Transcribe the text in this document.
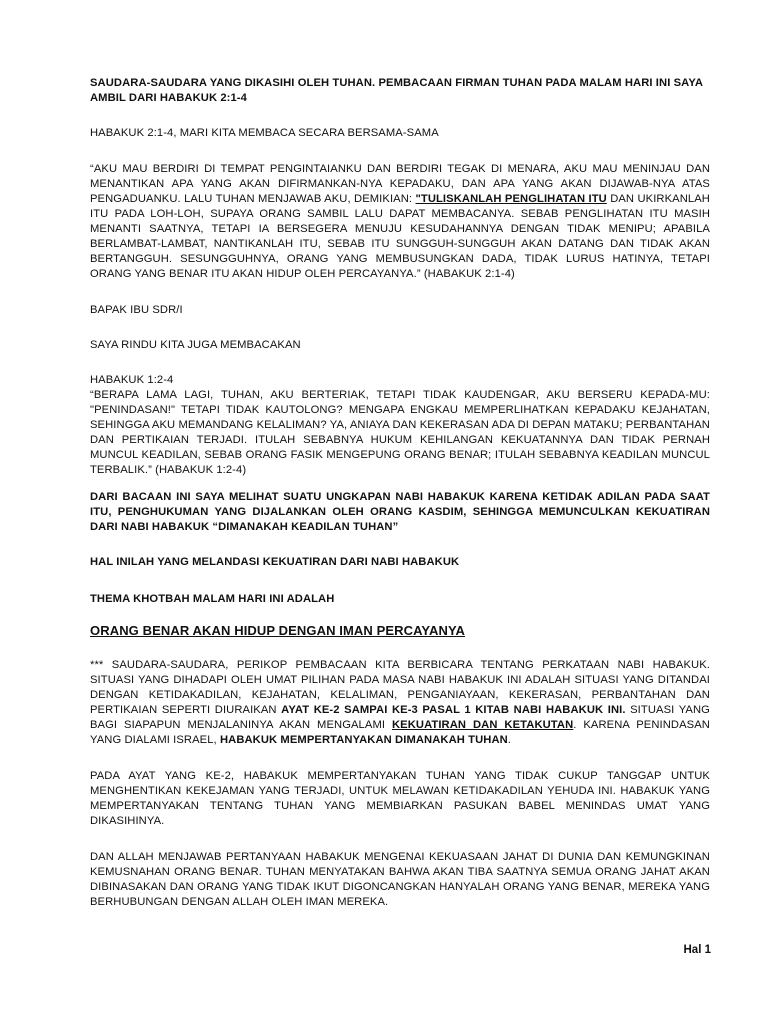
SAUDARA-SAUDARA YANG DIKASIHI OLEH TUHAN. PEMBACAAN FIRMAN TUHAN PADA MALAM HARI INI SAYA AMBIL DARI HABAKUK 2:1-4

HABAKUK 2:1-4, MARI KITA MEMBACA SECARA BERSAMA-SAMA

“AKU MAU BERDIRI DI TEMPAT PENGINTAIANKU DAN BERDIRI TEGAK DI MENARA, AKU MAU MENINJAU DAN MENANTIKAN APA YANG AKAN DIFIRMANKAN-NYA KEPADAKU, DAN APA YANG AKAN DIJAWAB-NYA ATAS PENGADUANKU. LALU TUHAN MENJAWAB AKU, DEMIKIAN: "TULISKANLAH PENGLIHATAN ITU DAN UKIRKANLAH ITU PADA LOH-LOH, SUPAYA ORANG SAMBIL LALU DAPAT MEMBACANYA. SEBAB PENGLIHATAN ITU MASIH MENANTI SAATNYA, TETAPI IA BERSEGERA MENUJU KESUDAHANNYA DENGAN TIDAK MENIPU; APABILA BERLAMBAT-LAMBAT, NANTIKANLAH ITU, SEBAB ITU SUNGGUH-SUNGGUH AKAN DATANG DAN TIDAK AKAN BERTANGGUH. SESUNGGUHNYA, ORANG YANG MEMBUSUNGKAN DADA, TIDAK LURUS HATINYA, TETAPI ORANG YANG BENAR ITU AKAN HIDUP OLEH PERCAYANYA.” (HABAKUK 2:1-4)

BAPAK IBU SDR/I

SAYA RINDU KITA JUGA MEMBACAKAN

HABAKUK 1:2-4

“BERAPA LAMA LAGI, TUHAN, AKU BERTERIAK, TETAPI TIDAK KAUDENGAR, AKU BERSERU KEPADA-MU: "PENINDASAN!" TETAPI TIDAK KAUTOLONG? MENGAPA ENGKAU MEMPERLIHATKAN KEPADAKU KEJAHATAN, SEHINGGA AKU MEMANDANG KELALIMAN? YA, ANIAYA DAN KEKERASAN ADA DI DEPAN MATAKU; PERBANTAHAN DAN PERTIKAIAN TERJADI. ITULAH SEBABNYA HUKUM KEHILANGAN KEKUATANNYA DAN TIDAK PERNAH MUNCUL KEADILAN, SEBAB ORANG FASIK MENGEPUNG ORANG BENAR; ITULAH SEBABNYA KEADILAN MUNCUL TERBALIK.” (HABAKUK 1:2-4)

DARI BACAAN INI SAYA MELIHAT SUATU UNGKAPAN NABI HABAKUK KARENA KETIDAK ADILAN PADA SAAT ITU, PENGHUKUMAN YANG DIJALANKAN OLEH ORANG KASDIM, SEHINGGA MEMUNCULKAN KEKUATIRAN DARI NABI HABAKUK “DIMANAKAH KEADILAN TUHAN”

HAL INILAH YANG MELANDASI KEKUATIRAN DARI NABI HABAKUK

THEMA KHOTBAH MALAM HARI INI ADALAH

ORANG BENAR AKAN HIDUP DENGAN IMAN PERCAYANYA

*** SAUDARA-SAUDARA, PERIKOP PEMBACAAN KITA BERBICARA TENTANG PERKATAAN NABI HABAKUK. SITUASI YANG DIHADAPI OLEH UMAT PILIHAN PADA MASA NABI HABAKUK INI ADALAH SITUASI YANG DITANDAI DENGAN KETIDAKADILAN, KEJAHATAN, KELALIMAN, PENGANIAYAAN, KEKERASAN, PERBANTAHAN DAN PERTIKAIAN SEPERTI DIURAIKAN AYAT KE-2 SAMPAI KE-3 PASAL 1 KITAB NABI HABAKUK INI. SITUASI YANG BAGI SIAPAPUN MENJALANINYA AKAN MENGALAMI KEKUATIRAN DAN KETAKUTAN. KARENA PENINDASAN YANG DIALAMI ISRAEL, HABAKUK MEMPERTANYAKAN DIMANAKAH TUHAN.

PADA AYAT YANG KE-2, HABAKUK MEMPERTANYAKAN TUHAN YANG TIDAK CUKUP TANGGAP UNTUK MENGHENTIKAN KEKEJAMAN YANG TERJADI, UNTUK MELAWAN KETIDAKADILAN YEHUDA INI. HABAKUK YANG MEMPERTANYAKAN TENTANG TUHAN YANG MEMBIARKAN PASUKAN BABEL MENINDAS UMAT YANG DIKASIHINYA.

DAN ALLAH MENJAWAB PERTANYAAN HABAKUK MENGENAI KEKUASAAN JAHAT DI DUNIA DAN KEMUNGKINAN KEMUSNAHAN ORANG BENAR. TUHAN MENYATAKAN BAHWA AKAN TIBA SAATNYA SEMUA ORANG JAHAT AKAN DIBINASAKAN DAN ORANG YANG TIDAK IKUT DIGONCANGKAN HANYALAH ORANG YANG BENAR, MEREKA YANG BERHUBUNGAN DENGAN ALLAH OLEH IMAN MEREKA.

Hal 1
